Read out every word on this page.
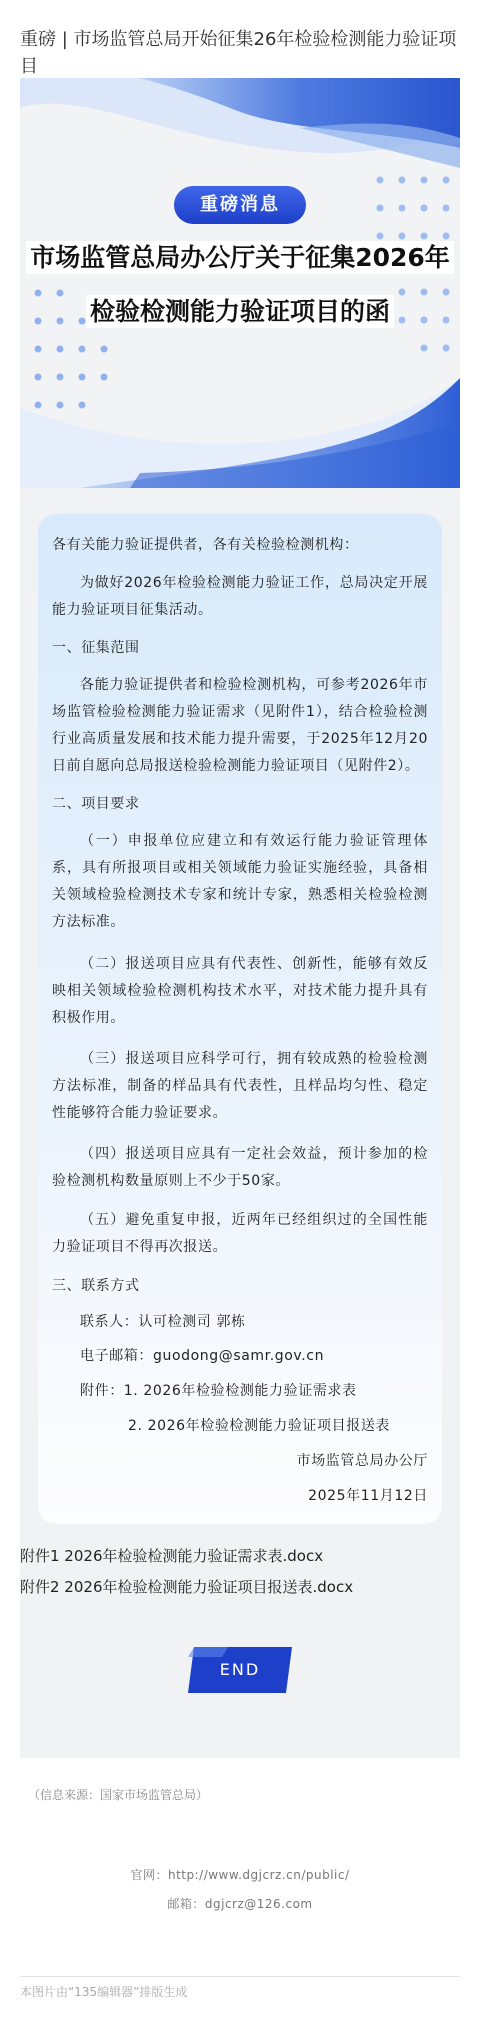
重磅 | 市场监管总局开始征集26年检验检测能力验证项目
重磅消息
市场监管总局办公厅关于征集2026年
检验检测能力验证项目的函
各有关能力验证提供者，各有关检验检测机构：
为做好2026年检验检测能力验证工作，总局决定开展能力验证项目征集活动。
一、征集范围
各能力验证提供者和检验检测机构，可参考2026年市场监管检验检测能力验证需求（见附件1），结合检验检测行业高质量发展和技术能力提升需要，于2025年12月20日前自愿向总局报送检验检测能力验证项目（见附件2）。
二、项目要求
（一）申报单位应建立和有效运行能力验证管理体系，具有所报项目或相关领域能力验证实施经验，具备相关领域检验检测技术专家和统计专家，熟悉相关检验检测方法标准。
（二）报送项目应具有代表性、创新性，能够有效反映相关领域检验检测机构技术水平，对技术能力提升具有积极作用。
（三）报送项目应科学可行，拥有较成熟的检验检测方法标准，制备的样品具有代表性，且样品均匀性、稳定性能够符合能力验证要求。
（四）报送项目应具有一定社会效益，预计参加的检验检测机构数量原则上不少于50家。
（五）避免重复申报，近两年已经组织过的全国性能力验证项目不得再次报送。
三、联系方式
联系人：认可检测司 郭栋
电子邮箱：guodong@samr.gov.cn
附件：1. 2026年检验检测能力验证需求表
2. 2026年检验检测能力验证项目报送表
市场监管总局办公厅
2025年11月12日
附件1 2026年检验检测能力验证需求表.docx
附件2 2026年检验检测能力验证项目报送表.docx
END
（信息来源：国家市场监管总局）
官网：http://www.dgjcrz.cn/public/
邮箱：dgjcrz@126.com
本图片由“135编辑器”排版生成
